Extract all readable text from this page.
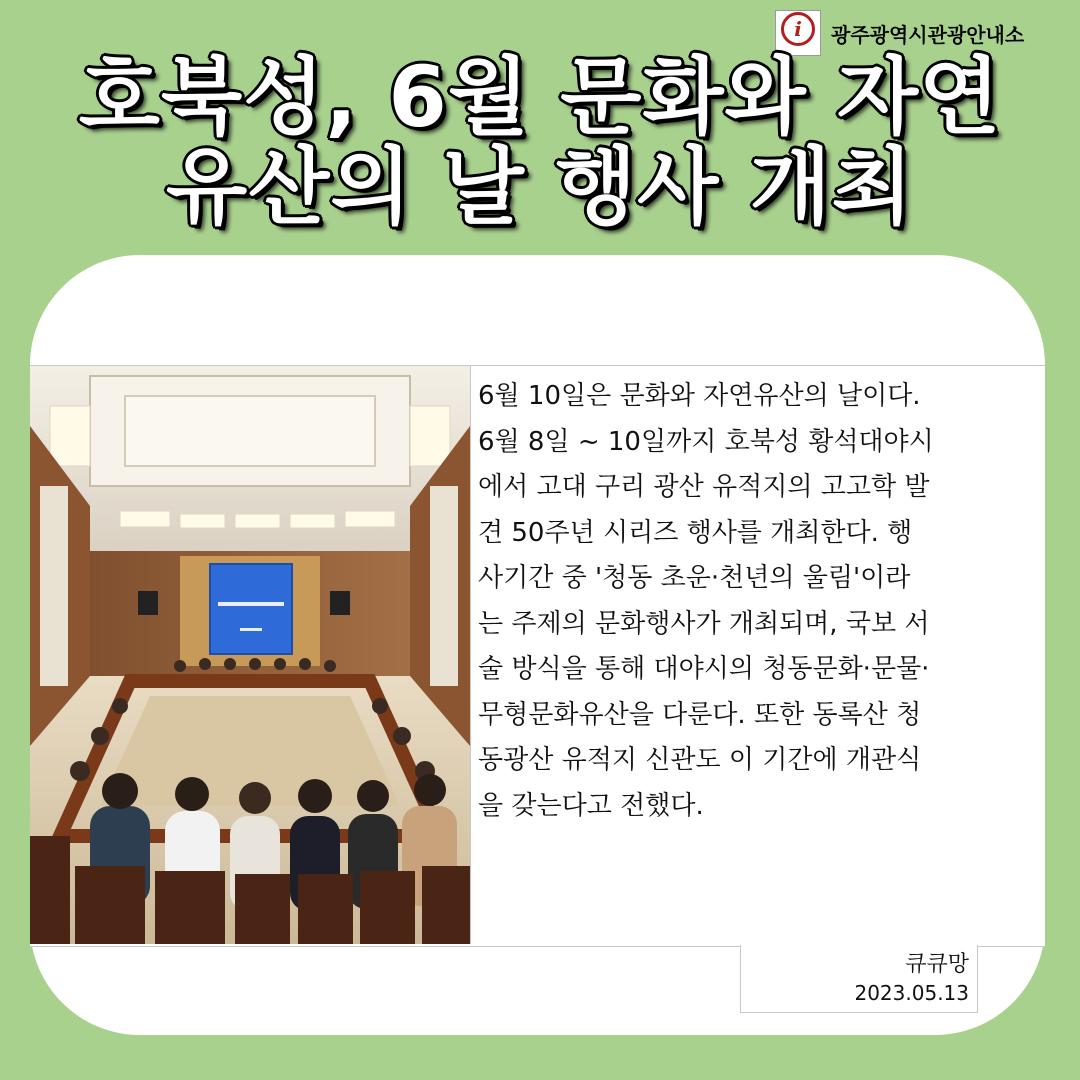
i	광주광역시관광안내소
호북성, 6월 문화와 자연
유산의 날 행사 개최
6월 10일은 문화와 자연유산의 날이다.
6월 8일 ~ 10일까지 호북성 황석대야시
에서 고대 구리 광산 유적지의 고고학 발
견 50주년 시리즈 행사를 개최한다. 행
사기간 중 '청동 초운·천년의 울림'이라
는 주제의 문화행사가 개최되며, 국보 서
술 방식을 통해 대야시의 청동문화·문물·
무형문화유산을 다룬다. 또한 동록산 청
동광산 유적지 신관도 이 기간에 개관식
을 갖는다고 전했다.
큐큐망
2023.05.13
